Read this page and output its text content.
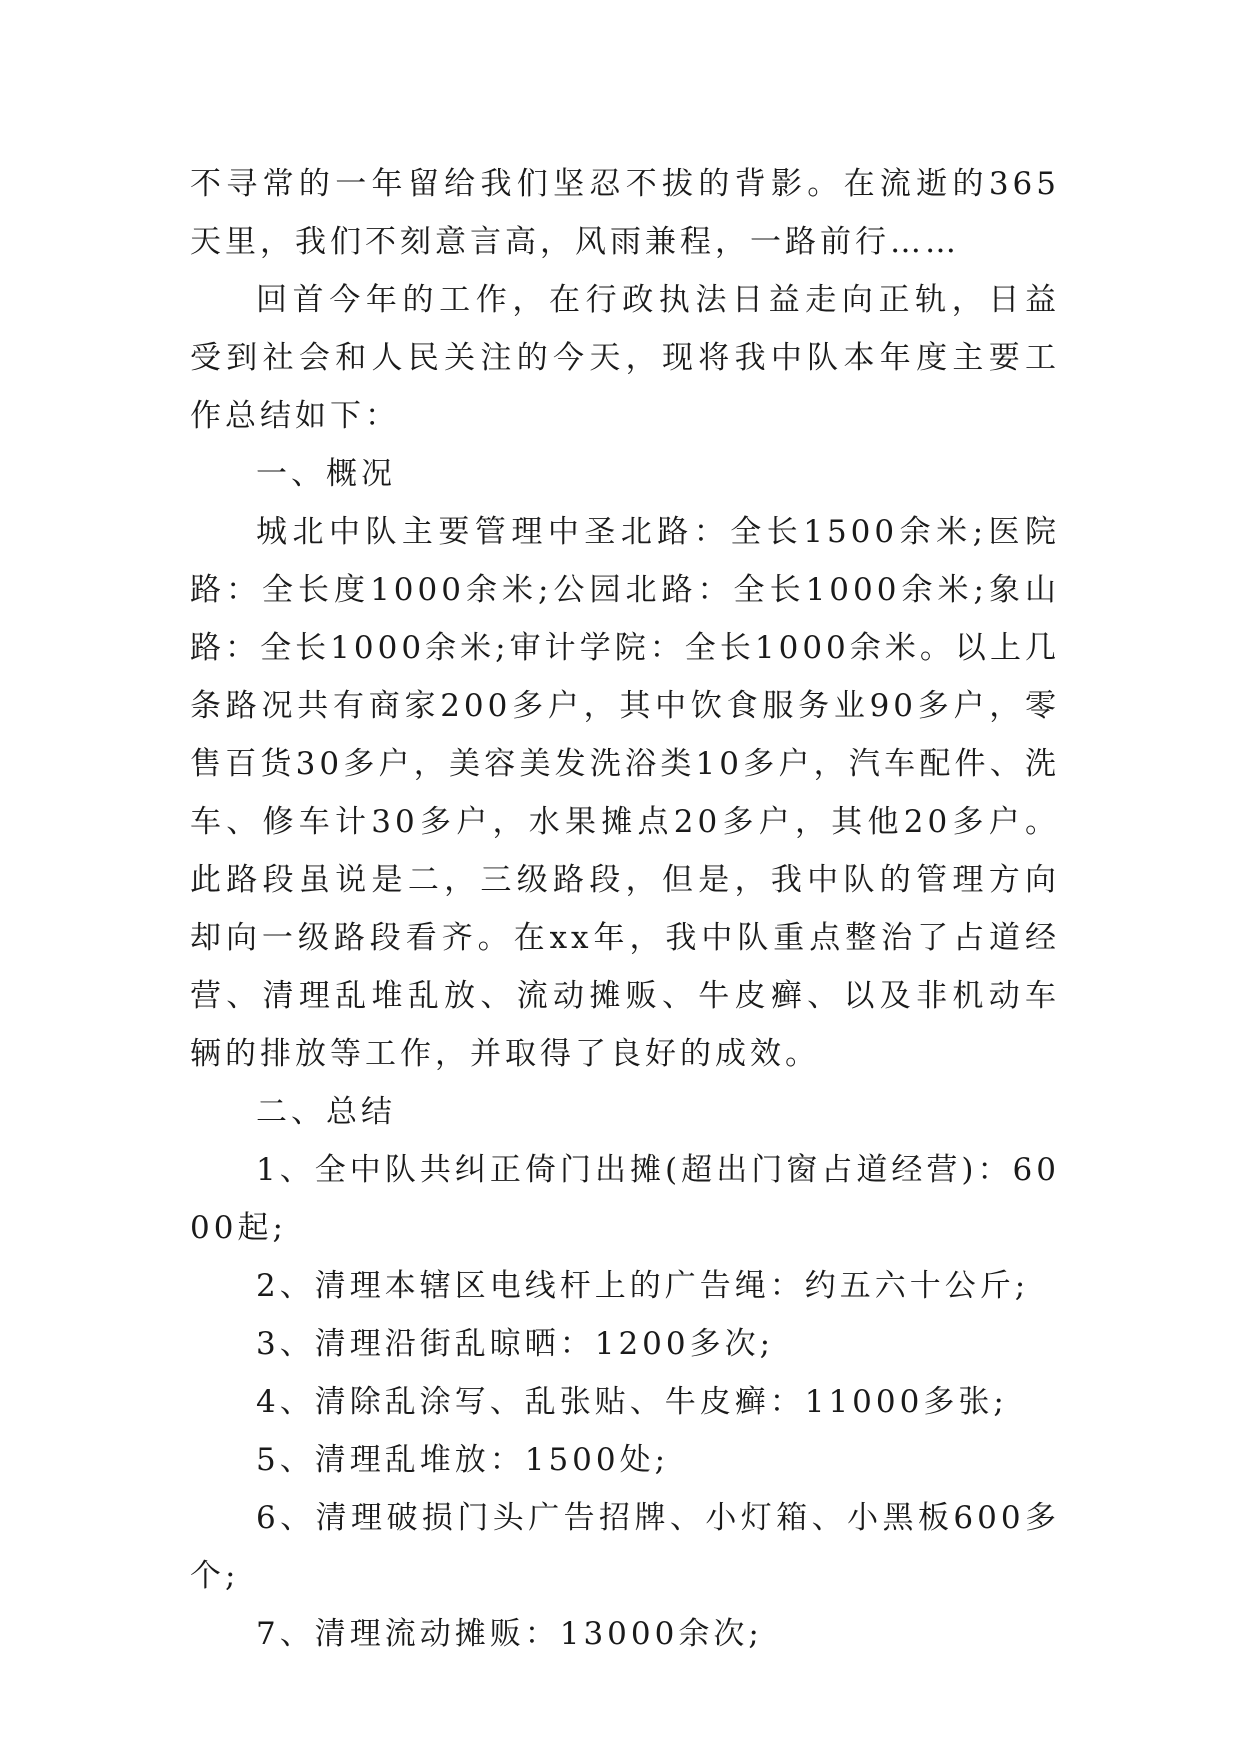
不寻常的一年留给我们坚忍不拔的背影。在流逝的365天里，我们不刻意言高，风雨兼程，一路前行……

回首今年的工作，在行政执法日益走向正轨，日益受到社会和人民关注的今天，现将我中队本年度主要工作总结如下：

一、概况

城北中队主要管理中圣北路：全长1500余米;医院路：全长度1000余米;公园北路：全长1000余米;象山路：全长1000余米;审计学院：全长1000余米。以上几条路况共有商家200多户，其中饮食服务业90多户，零售百货30多户，美容美发洗浴类10多户，汽车配件、洗车、修车计30多户，水果摊点20多户，其他20多户。此路段虽说是二，三级路段，但是，我中队的管理方向却向一级路段看齐。在xx年，我中队重点整治了占道经营、清理乱堆乱放、流动摊贩、牛皮癣、以及非机动车辆的排放等工作，并取得了良好的成效。

二、总结

1、全中队共纠正倚门出摊(超出门窗占道经营)：6000起;

2、清理本辖区电线杆上的广告绳：约五六十公斤;

3、清理沿街乱晾晒：1200多次;

4、清除乱涂写、乱张贴、牛皮癣：11000多张;

5、清理乱堆放：1500处;

6、清理破损门头广告招牌、小灯箱、小黑板600多个;

7、清理流动摊贩：13000余次;
